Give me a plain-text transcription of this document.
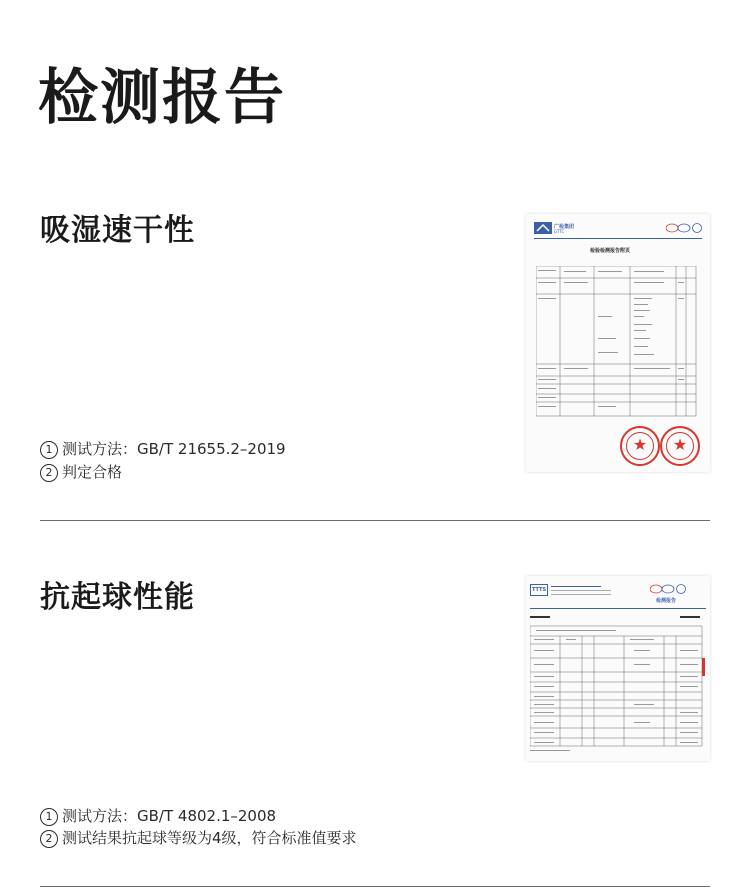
检测报告
吸湿速干性	广检集团
GTTC
检验检测报告附页
★
★
1 测试方法：GB/T 21655.2–2019
2 判定合格
抗起球性能	TTTS
检测报告
1 测试方法：GB/T 4802.1–2008
2 测试结果抗起球等级为4级，符合标准值要求
